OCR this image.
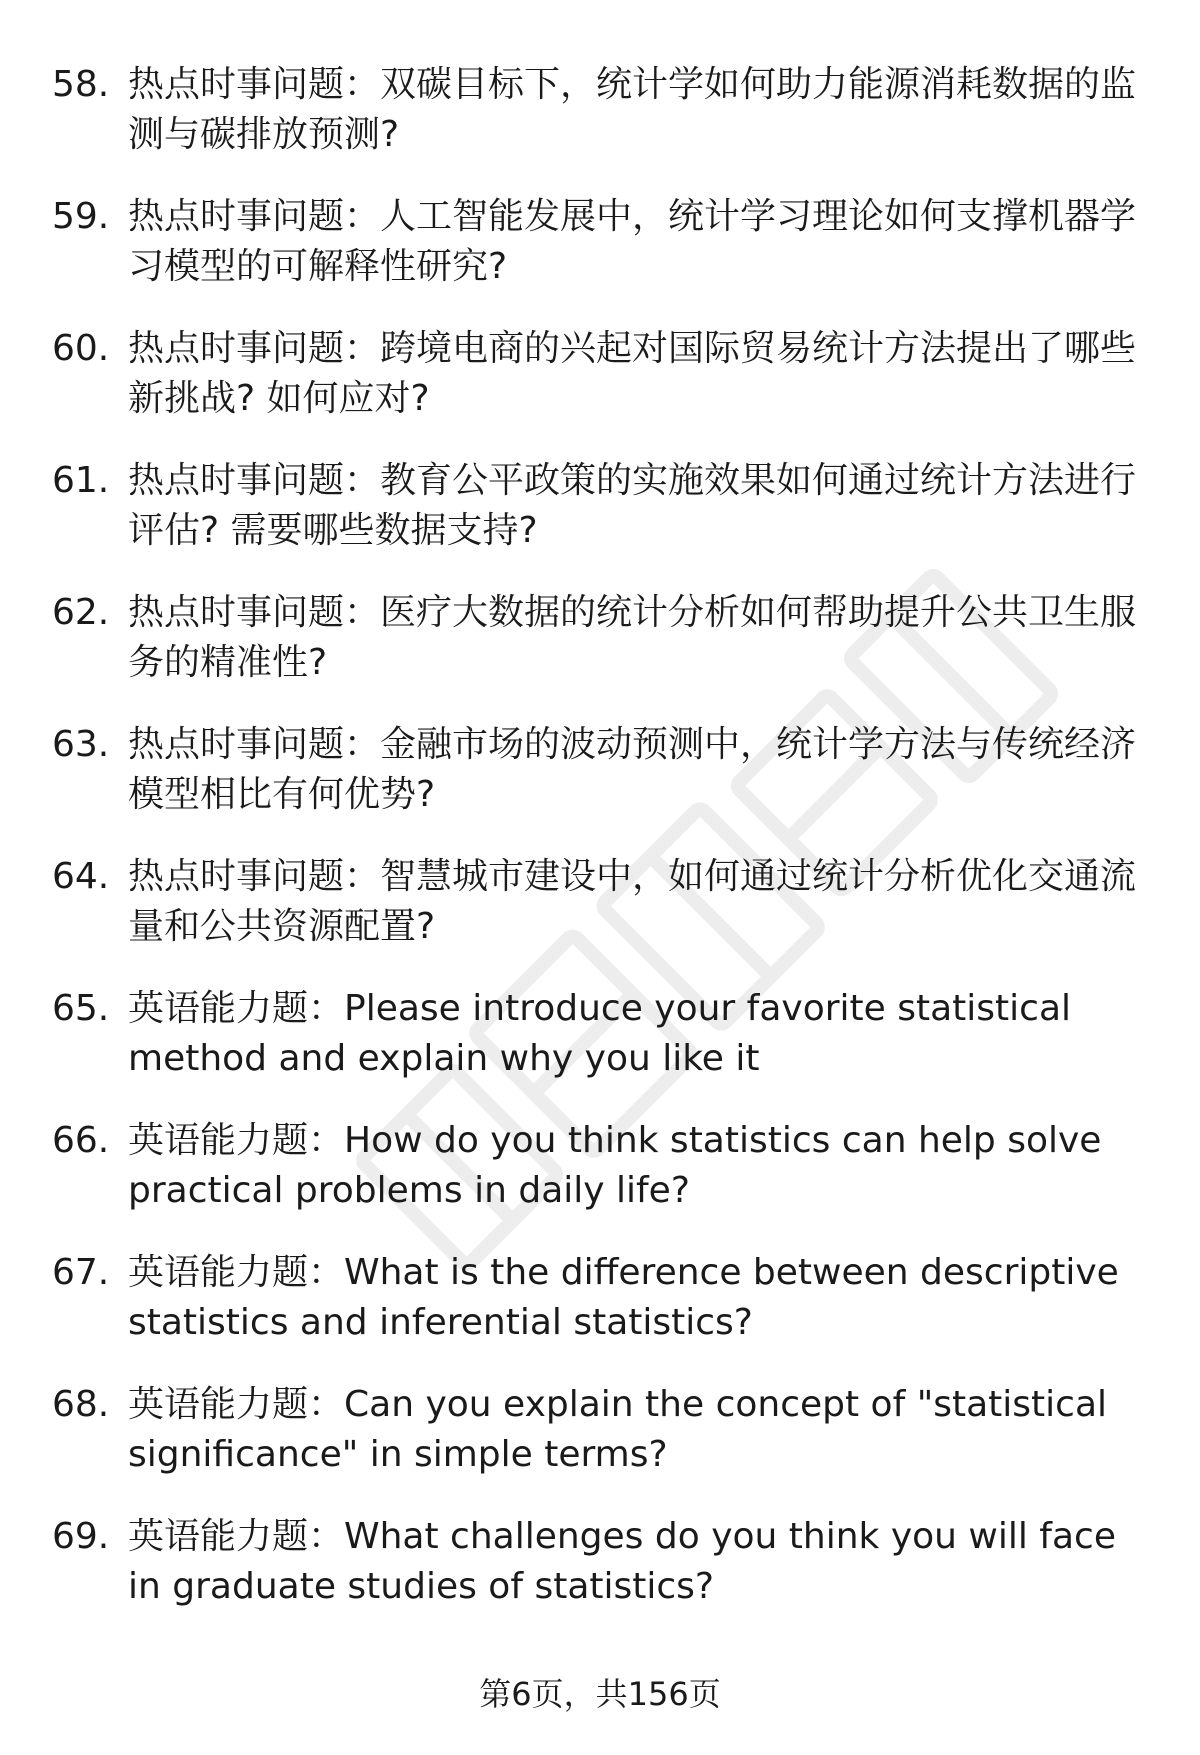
58. 热点时事问题：双碳目标下，统计学如何助力能源消耗数据的监测与碳排放预测?
59. 热点时事问题：人工智能发展中，统计学习理论如何支撑机器学习模型的可解释性研究?
60. 热点时事问题：跨境电商的兴起对国际贸易统计方法提出了哪些新挑战? 如何应对?
61. 热点时事问题：教育公平政策的实施效果如何通过统计方法进行评估? 需要哪些数据支持?
62. 热点时事问题：医疗大数据的统计分析如何帮助提升公共卫生服务的精准性?
63. 热点时事问题：金融市场的波动预测中，统计学方法与传统经济模型相比有何优势?
64. 热点时事问题：智慧城市建设中，如何通过统计分析优化交通流量和公共资源配置?
65. 英语能力题：Please introduce your favorite statistical method and explain why you like it
66. 英语能力题：How do you think statistics can help solve practical problems in daily life?
67. 英语能力题：What is the difference between descriptive statistics and inferential statistics?
68. 英语能力题：Can you explain the concept of "statistical significance" in simple terms?
69. 英语能力题：What challenges do you think you will face in graduate studies of statistics?
第6页，共156页
